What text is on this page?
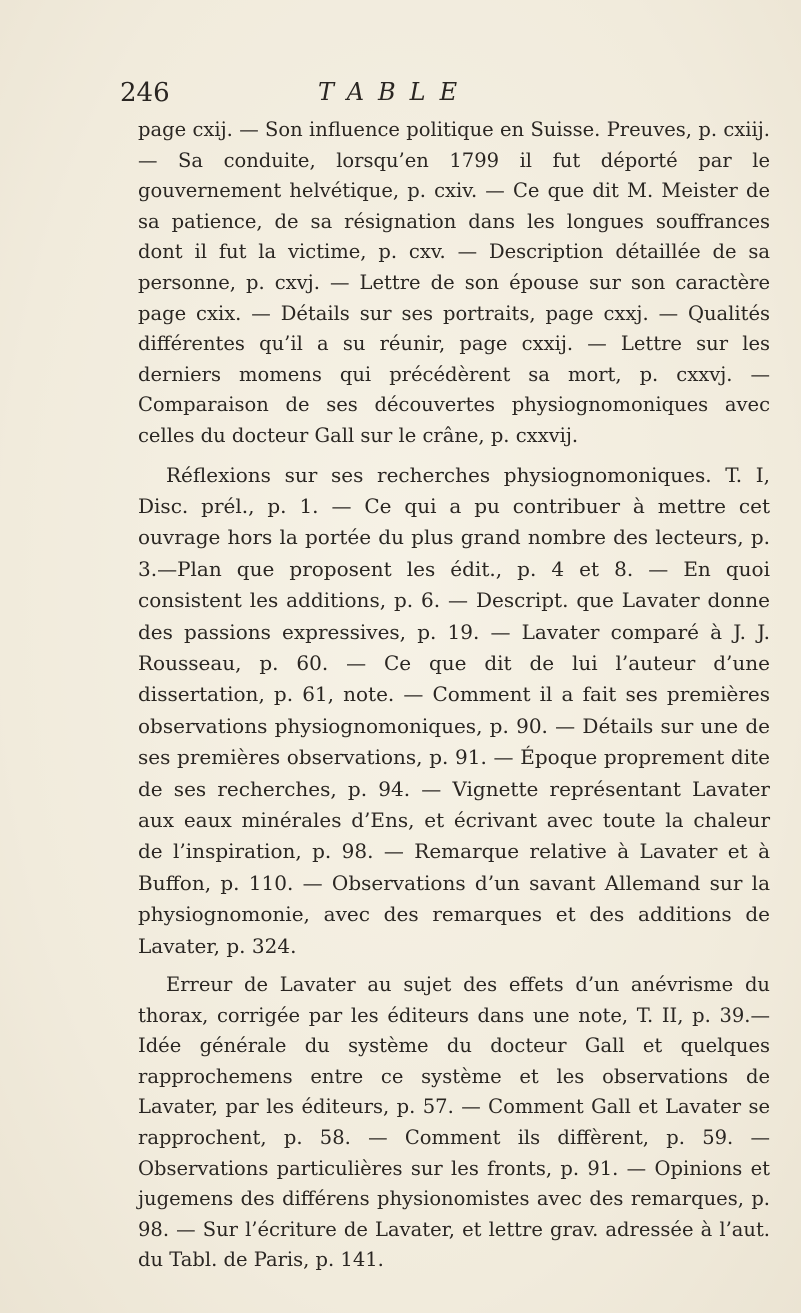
246	TABLE

page cxij. — Son influence politique en Suisse. Preuves, p. cxiij. — Sa conduite, lorsqu’en 1799 il fut déporté par le gouvernement helvétique, p. cxiv. — Ce que dit M. Meister de sa patience, de sa résignation dans les longues souffrances dont il fut la victime, p. cxv. — Description détaillée de sa personne, p. cxvj. — Lettre de son épouse sur son caractère page cxix. — Détails sur ses portraits, page cxxj. — Qualités différentes qu’il a su réunir, page cxxij. — Lettre sur les derniers momens qui précédèrent sa mort, p. cxxvj. — Comparaison de ses découvertes physiognomoniques avec celles du docteur Gall sur le crâne, p. cxxvij.

Réflexions sur ses recherches physiognomoniques. T. I, Disc. prél., p. 1. — Ce qui a pu contribuer à mettre cet ouvrage hors la portée du plus grand nombre des lecteurs, p. 3.—Plan que proposent les édit., p. 4 et 8. — En quoi consistent les additions, p. 6. — Descript. que Lavater donne des passions expressives, p. 19. — Lavater comparé à J. J. Rousseau, p. 60. — Ce que dit de lui l’auteur d’une dissertation, p. 61, note. — Comment il a fait ses premières observations physiognomoniques, p. 90. — Détails sur une de ses premières observations, p. 91. — Époque proprement dite de ses recherches, p. 94. — Vignette représentant Lavater aux eaux minérales d’Ens, et écrivant avec toute la chaleur de l’inspiration, p. 98. — Remarque relative à Lavater et à Buffon, p. 110. — Observations d’un savant Allemand sur la physiognomonie, avec des remarques et des additions de Lavater, p. 324.

Erreur de Lavater au sujet des effets d’un anévrisme du thorax, corrigée par les éditeurs dans une note, T. II, p. 39.—Idée générale du système du docteur Gall et quelques rapprochemens entre ce système et les observations de Lavater, par les éditeurs, p. 57. — Comment Gall et Lavater se rapprochent, p. 58. — Comment ils diffèrent, p. 59. — Observations particulières sur les fronts, p. 91. — Opinions et jugemens des différens physionomistes avec des remarques, p. 98. — Sur l’écriture de Lavater, et lettre grav. adressée à l’aut. du Tabl. de Paris, p. 141.
